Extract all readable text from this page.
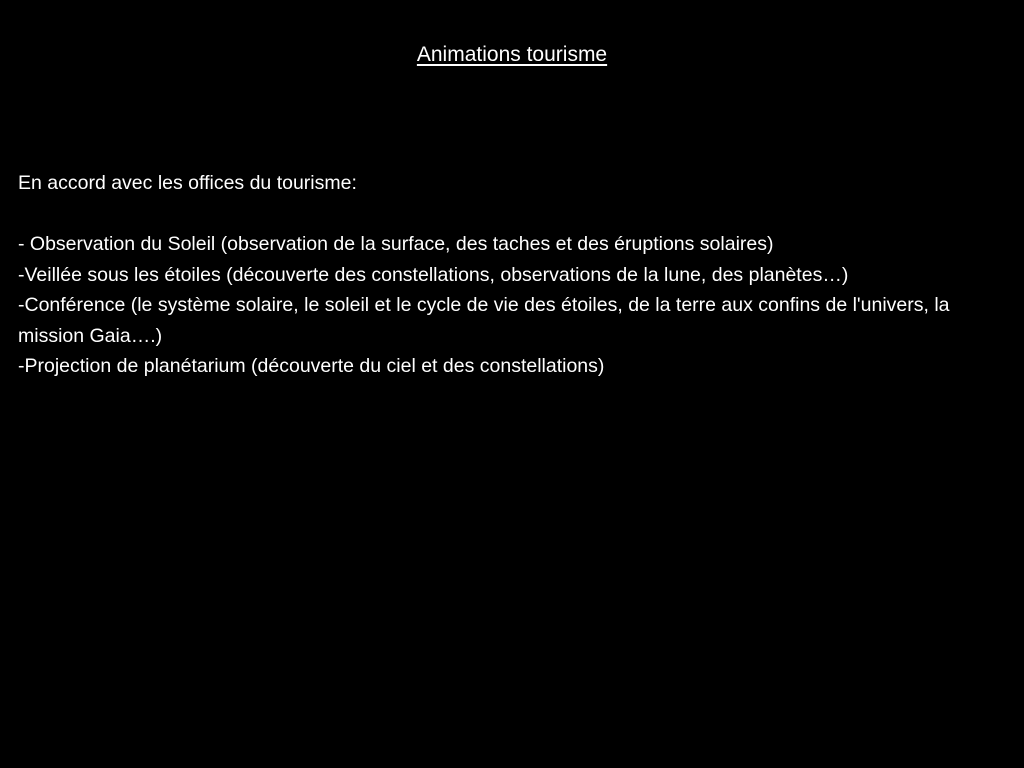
Animations tourisme

En accord avec les offices du tourisme:

- Observation du Soleil (observation de la surface, des taches et des éruptions solaires)

-Veillée sous les étoiles (découverte des constellations, observations de la lune, des planètes…)

-Conférence (le système solaire, le soleil et le cycle de vie des étoiles, de la terre aux confins de l'univers, la mission Gaia….)

-Projection de planétarium (découverte du ciel et des constellations)
